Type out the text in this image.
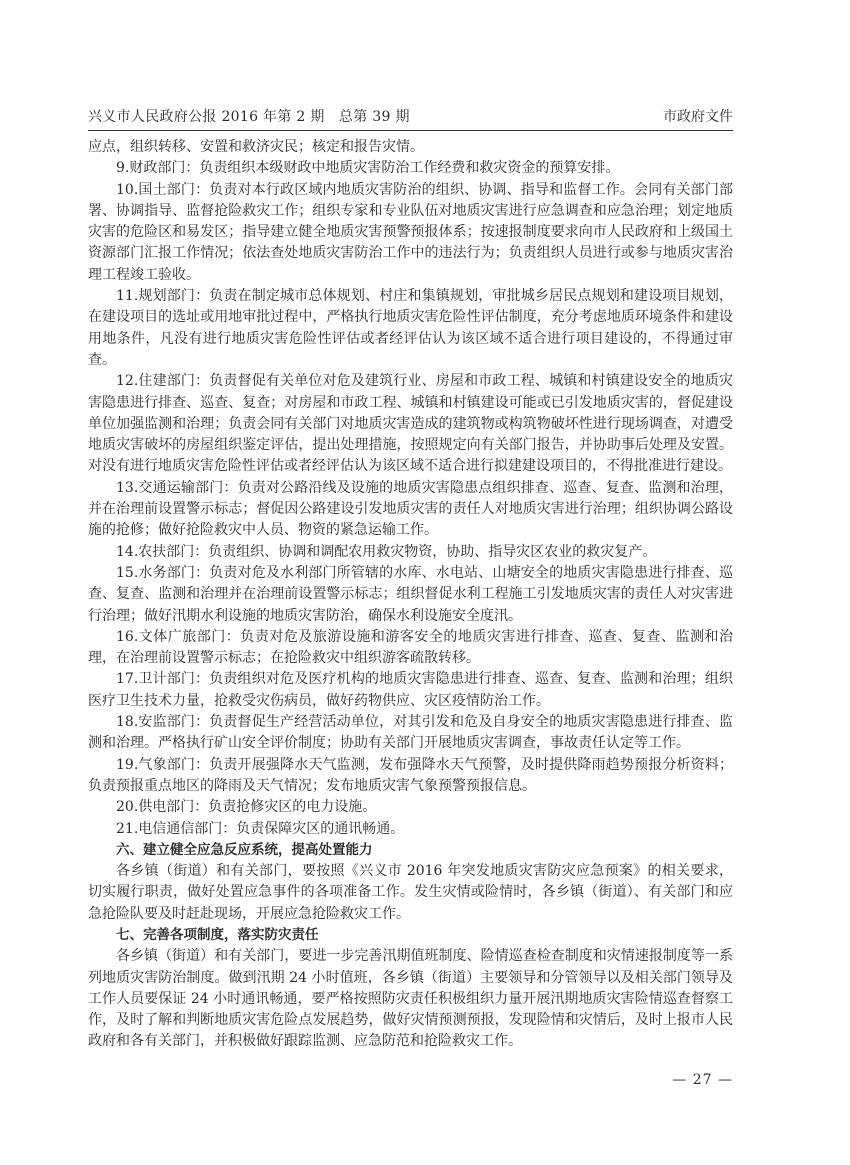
兴义市人民政府公报 2016 年第 2 期　总第 39 期	市政府文件

应点，组织转移、安置和救济灾民；核定和报告灾情。

9.财政部门：负责组织本级财政中地质灾害防治工作经费和救灾资金的预算安排。

10.国土部门：负责对本行政区域内地质灾害防治的组织、协调、指导和监督工作。会同有关部门部署、协调指导、监督抢险救灾工作；组织专家和专业队伍对地质灾害进行应急调查和应急治理；划定地质灾害的危险区和易发区；指导建立健全地质灾害预警预报体系；按速报制度要求向市人民政府和上级国土资源部门汇报工作情况；依法查处地质灾害防治工作中的违法行为；负责组织人员进行或参与地质灾害治理工程竣工验收。

11.规划部门：负责在制定城市总体规划、村庄和集镇规划，审批城乡居民点规划和建设项目规划，在建设项目的选址或用地审批过程中，严格执行地质灾害危险性评估制度，充分考虑地质环境条件和建设用地条件，凡没有进行地质灾害危险性评估或者经评估认为该区域不适合进行项目建设的，不得通过审查。

12.住建部门：负责督促有关单位对危及建筑行业、房屋和市政工程、城镇和村镇建设安全的地质灾害隐患进行排查、巡查、复查；对房屋和市政工程、城镇和村镇建设可能或已引发地质灾害的，督促建设单位加强监测和治理；负责会同有关部门对地质灾害造成的建筑物或构筑物破坏性进行现场调查，对遭受地质灾害破坏的房屋组织鉴定评估，提出处理措施，按照规定向有关部门报告，并协助事后处理及安置。对没有进行地质灾害危险性评估或者经评估认为该区域不适合进行拟建建设项目的，不得批准进行建设。

13.交通运输部门：负责对公路沿线及设施的地质灾害隐患点组织排查、巡查、复查、监测和治理，并在治理前设置警示标志；督促因公路建设引发地质灾害的责任人对地质灾害进行治理；组织协调公路设施的抢修；做好抢险救灾中人员、物资的紧急运输工作。

14.农扶部门：负责组织、协调和调配农用救灾物资，协助、指导灾区农业的救灾复产。

15.水务部门：负责对危及水利部门所管辖的水库、水电站、山塘安全的地质灾害隐患进行排查、巡查、复查、监测和治理并在治理前设置警示标志；组织督促水利工程施工引发地质灾害的责任人对灾害进行治理；做好汛期水利设施的地质灾害防治，确保水利设施安全度汛。

16.文体广旅部门：负责对危及旅游设施和游客安全的地质灾害进行排查、巡查、复查、监测和治理，在治理前设置警示标志；在抢险救灾中组织游客疏散转移。

17.卫计部门：负责组织对危及医疗机构的地质灾害隐患进行排查、巡查、复查、监测和治理；组织医疗卫生技术力量，抢救受灾伤病员，做好药物供应、灾区疫情防治工作。

18.安监部门：负责督促生产经营活动单位，对其引发和危及自身安全的地质灾害隐患进行排查、监测和治理。严格执行矿山安全评价制度；协助有关部门开展地质灾害调查，事故责任认定等工作。

19.气象部门：负责开展强降水天气监测，发布强降水天气预警，及时提供降雨趋势预报分析资料；负责预报重点地区的降雨及天气情况；发布地质灾害气象预警预报信息。

20.供电部门：负责抢修灾区的电力设施。

21.电信通信部门：负责保障灾区的通讯畅通。

六、建立健全应急反应系统，提高处置能力

各乡镇（街道）和有关部门，要按照《兴义市 2016 年突发地质灾害防灾应急预案》的相关要求，切实履行职责，做好处置应急事件的各项准备工作。发生灾情或险情时，各乡镇（街道）、有关部门和应急抢险队要及时赶赴现场，开展应急抢险救灾工作。

七、完善各项制度，落实防灾责任

各乡镇（街道）和有关部门，要进一步完善汛期值班制度、险情巡查检查制度和灾情速报制度等一系列地质灾害防治制度。做到汛期 24 小时值班，各乡镇（街道）主要领导和分管领导以及相关部门领导及工作人员要保证 24 小时通讯畅通，要严格按照防灾责任积极组织力量开展汛期地质灾害险情巡查督察工作，及时了解和判断地质灾害危险点发展趋势，做好灾情预测预报，发现险情和灾情后，及时上报市人民政府和各有关部门，并积极做好跟踪监测、应急防范和抢险救灾工作。

— 27 —
